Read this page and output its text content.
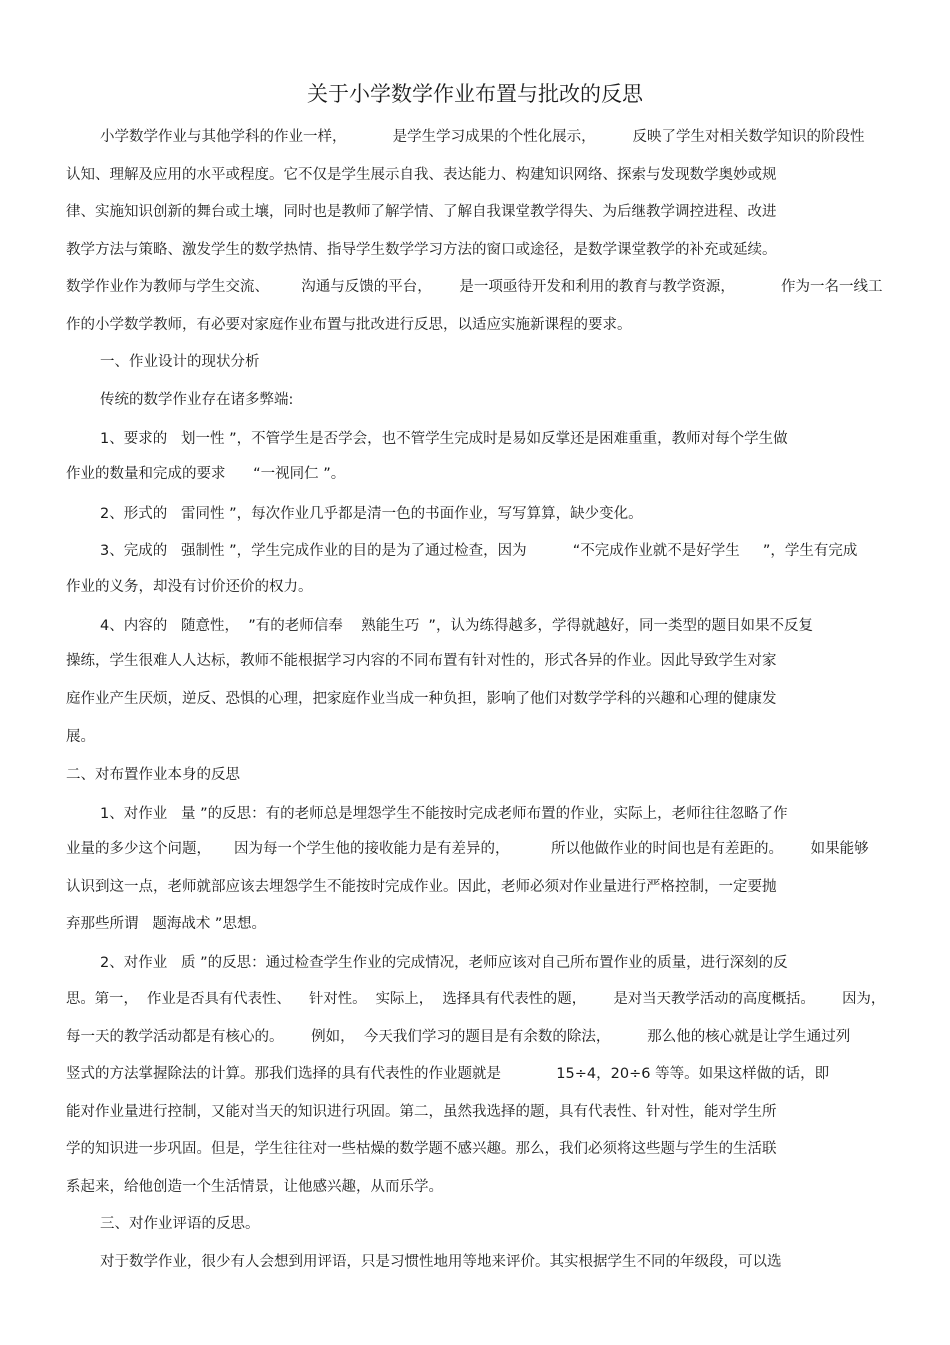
关于小学数学作业布置与批改的反思

小学数学作业与其他学科的作业一样，          是学生学习成果的个性化展示，        反映了学生对相关数学知识的阶段性

认知、理解及应用的水平或程度。它不仅是学生展示自我、表达能力、构建知识网络、探索与发现数学奥妙或规

律、实施知识创新的舞台或土壤，同时也是教师了解学情、了解自我课堂教学得失、为后继教学调控进程、改进

教学方法与策略、激发学生的数学热情、指导学生数学学习方法的窗口或途径，是数学课堂教学的补充或延续。

数学作业作为教师与学生交流、       沟通与反馈的平台，      是一项亟待开发和利用的教育与教学资源，          作为一名一线工

作的小学数学教师，有必要对家庭作业布置与批改进行反思，以适应实施新课程的要求。

一、作业设计的现状分析

传统的数学作业存在诸多弊端:

1、要求的   划一性 ”，不管学生是否学会，也不管学生完成时是易如反掌还是困难重重，教师对每个学生做

作业的数量和完成的要求      “一视同仁 ”。

2、形式的   雷同性 ”，每次作业几乎都是清一色的书面作业，写写算算，缺少变化。

3、完成的   强制性 ”，学生完成作业的目的是为了通过检查，因为          “不完成作业就不是好学生     ”，学生有完成

作业的义务，却没有讨价还价的权力。

4、内容的   随意性，  ”有的老师信奉    熟能生巧  ”，认为练得越多，学得就越好，同一类型的题目如果不反复

操练，学生很难人人达标，教师不能根据学习内容的不同布置有针对性的，形式各异的作业。因此导致学生对家

庭作业产生厌烦，逆反、恐惧的心理，把家庭作业当成一种负担，影响了他们对数学学科的兴趣和心理的健康发

展。

二、对布置作业本身的反思

1、对作业   量 ”的反思：有的老师总是埋怨学生不能按时完成老师布置的作业，实际上，老师往往忽略了作

业量的多少这个问题，     因为每一个学生他的接收能力是有差异的，         所以他做作业的时间也是有差距的。      如果能够

认识到这一点，老师就部应该去埋怨学生不能按时完成作业。因此，老师必须对作业量进行严格控制，一定要抛

弃那些所谓   题海战术 ”思想。

2、对作业   质 ”的反思：通过检查学生作业的完成情况，老师应该对自己所布置作业的质量，进行深刻的反

思。第一，  作业是否具有代表性、    针对性。  实际上，  选择具有代表性的题，      是对当天教学活动的高度概括。      因为，

每一天的教学活动都是有核心的。      例如，  今天我们学习的题目是有余数的除法，        那么他的核心就是让学生通过列

竖式的方法掌握除法的计算。那我们选择的具有代表性的作业题就是            15÷4，20÷6 等等。如果这样做的话，即

能对作业量进行控制，又能对当天的知识进行巩固。第二，虽然我选择的题，具有代表性、针对性，能对学生所

学的知识进一步巩固。但是，学生往往对一些枯燥的数学题不感兴趣。那么，我们必须将这些题与学生的生活联

系起来，给他创造一个生活情景，让他感兴趣，从而乐学。

三、对作业评语的反思。

对于数学作业，很少有人会想到用评语，只是习惯性地用等地来评价。其实根据学生不同的年级段，可以选
